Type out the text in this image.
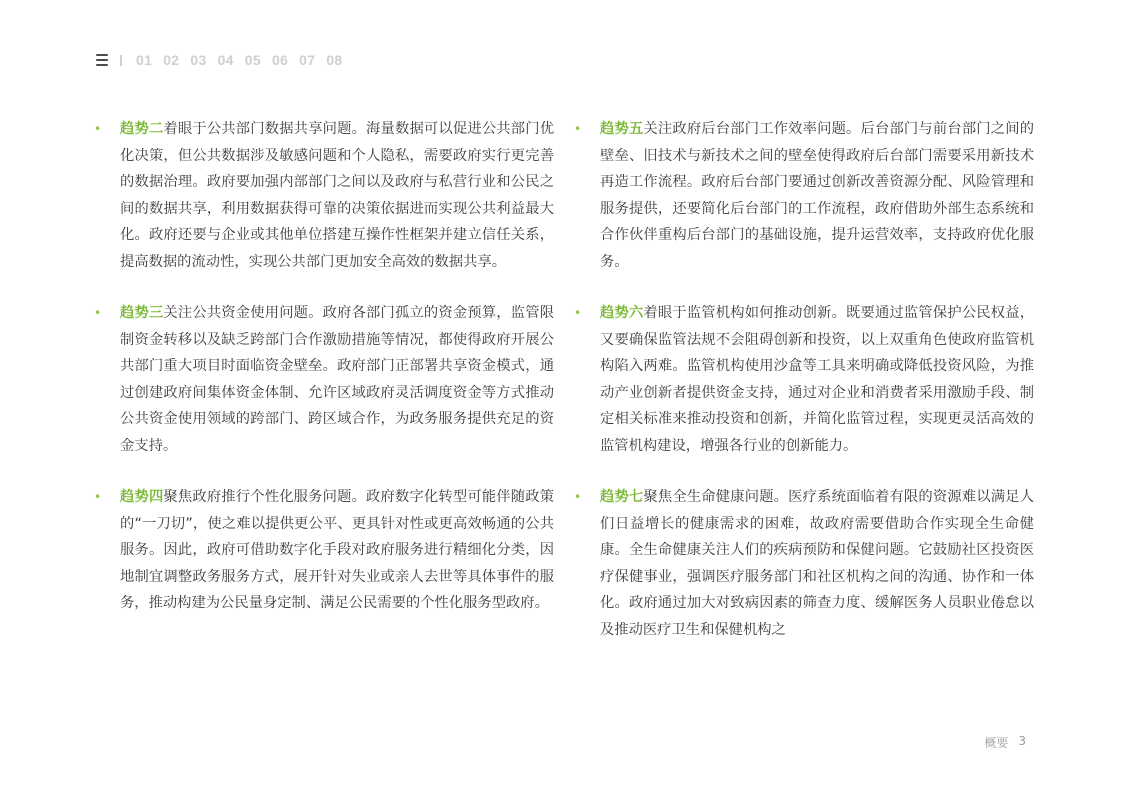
01 02 03 04 05 06 07 08
• 趋势二着眼于公共部门数据共享问题。海量数据可以促进公共部门优化决策，但公共数据涉及敏感问题和个人隐私，需要政府实行更完善的数据治理。政府要加强内部部门之间以及政府与私营行业和公民之间的数据共享，利用数据获得可靠的决策依据进而实现公共利益最大化。政府还要与企业或其他单位搭建互操作性框架并建立信任关系，提高数据的流动性，实现公共部门更加安全高效的数据共享。
• 趋势三关注公共资金使用问题。政府各部门孤立的资金预算，监管限制资金转移以及缺乏跨部门合作激励措施等情况，都使得政府开展公共部门重大项目时面临资金壁垒。政府部门正部署共享资金模式，通过创建政府间集体资金体制、允许区域政府灵活调度资金等方式推动公共资金使用领域的跨部门、跨区域合作，为政务服务提供充足的资金支持。
• 趋势四聚焦政府推行个性化服务问题。政府数字化转型可能伴随政策的“一刀切”，使之难以提供更公平、更具针对性或更高效畅通的公共服务。因此，政府可借助数字化手段对政府服务进行精细化分类，因地制宜调整政务服务方式，展开针对失业或亲人去世等具体事件的服务，推动构建为公民量身定制、满足公民需要的个性化服务型政府。
• 趋势五关注政府后台部门工作效率问题。后台部门与前台部门之间的壁垒、旧技术与新技术之间的壁垒使得政府后台部门需要采用新技术再造工作流程。政府后台部门要通过创新改善资源分配、风险管理和服务提供，还要简化后台部门的工作流程，政府借助外部生态系统和合作伙伴重构后台部门的基础设施，提升运营效率，支持政府优化服务。
• 趋势六着眼于监管机构如何推动创新。既要通过监管保护公民权益，又要确保监管法规不会阻碍创新和投资，以上双重角色使政府监管机构陷入两难。监管机构使用沙盒等工具来明确或降低投资风险，为推动产业创新者提供资金支持，通过对企业和消费者采用激励手段、制定相关标准来推动投资和创新，并简化监管过程，实现更灵活高效的监管机构建设，增强各行业的创新能力。
• 趋势七聚焦全生命健康问题。医疗系统面临着有限的资源难以满足人们日益增长的健康需求的困难，故政府需要借助合作实现全生命健康。全生命健康关注人们的疾病预防和保健问题。它鼓励社区投资医疗保健事业，强调医疗服务部门和社区机构之间的沟通、协作和一体化。政府通过加大对致病因素的筛查力度、缓解医务人员职业倦怠以及推动医疗卫生和保健机构之
概要 3
